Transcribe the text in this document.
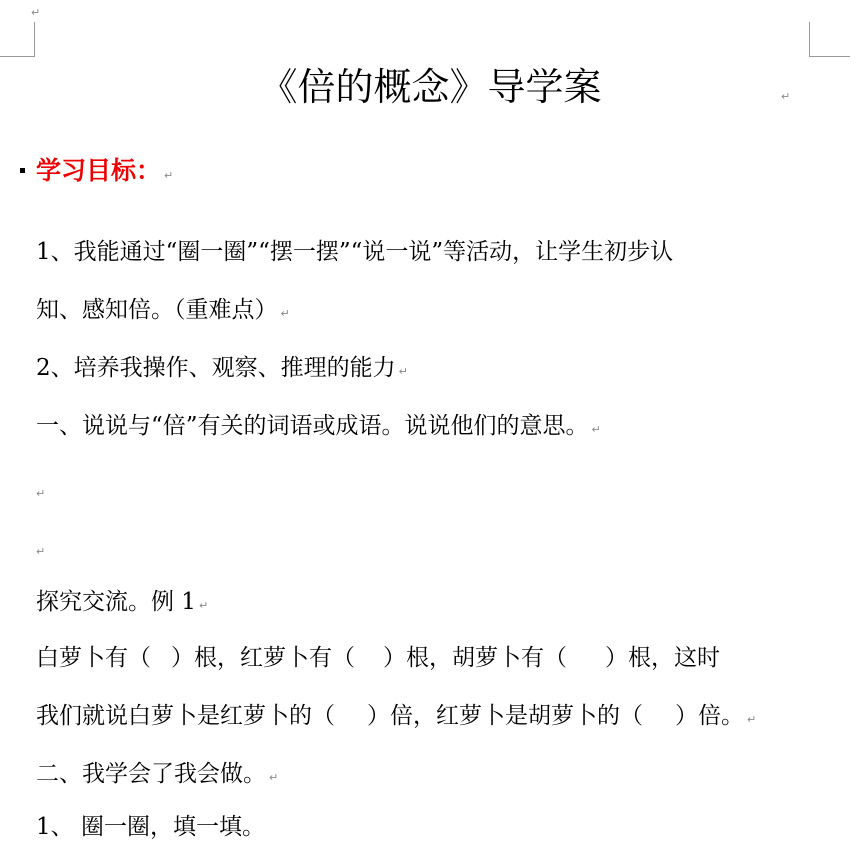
↵
《倍的概念》导学案	↵
学习目标： ↵
1、我能通过“圈一圈”“摆一摆”“说一说”等活动，让学生初步认
知、感知倍。（重难点） ↵
2、培养我操作、观察、推理的能力 ↵
一、说说与“倍”有关的词语或成语。说说他们的意思。 ↵
↵
↵
探究交流。例 1 ↵
白萝卜有（ ）根，红萝卜有（ ）根，胡萝卜有（ ）根，这时
我们就说白萝卜是红萝卜的（ ）倍，红萝卜是胡萝卜的（ ）倍。 ↵
二、我学会了我会做。 ↵
1、 圈一圈，填一填。
